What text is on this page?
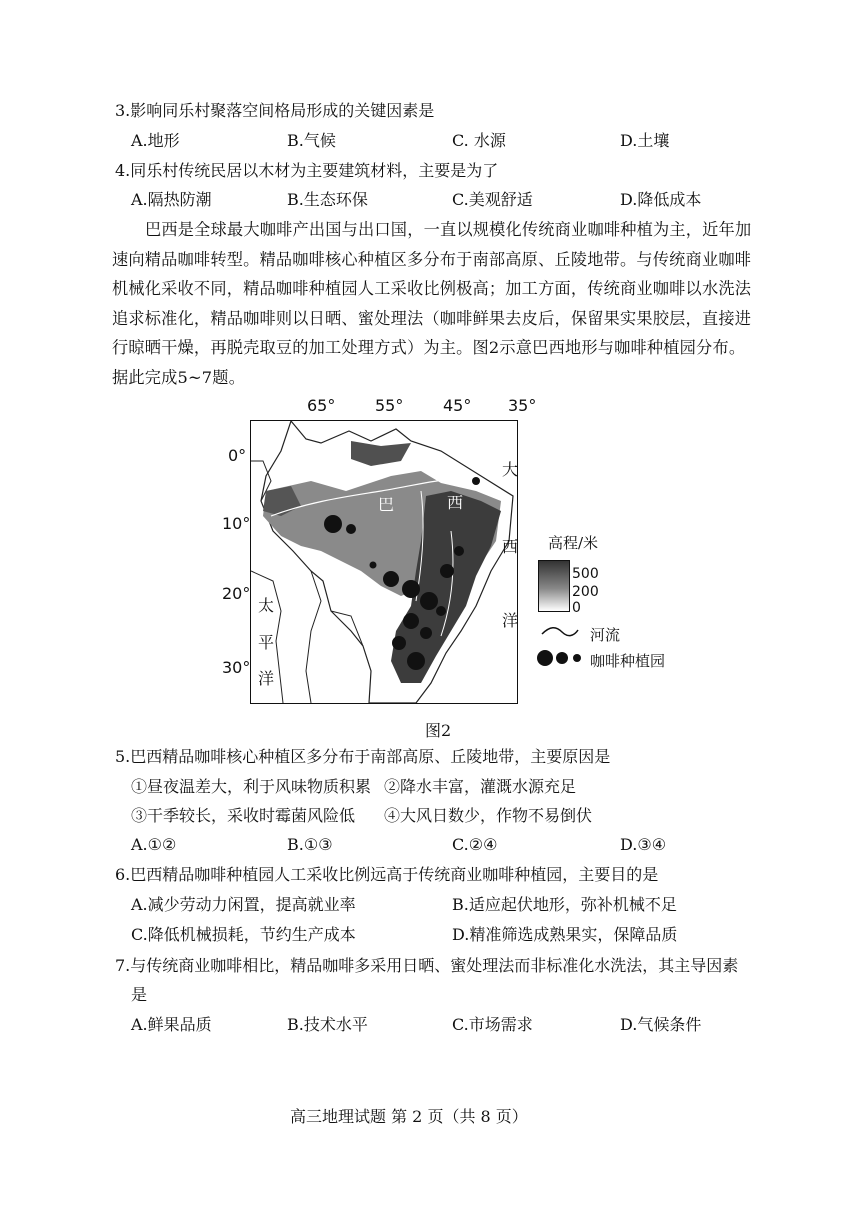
3.影响同乐村聚落空间格局形成的关键因素是
A.地形	B.气候	C. 水源	D.土壤
4.同乐村传统民居以木材为主要建筑材料，主要是为了
A.隔热防潮	B.生态环保	C.美观舒适	D.降低成本
巴西是全球最大咖啡产出国与出口国，一直以规模化传统商业咖啡种植为主，近年加
速向精品咖啡转型。精品咖啡核心种植区多分布于南部高原、丘陵地带。与传统商业咖啡
机械化采收不同，精品咖啡种植园人工采收比例极高；加工方面，传统商业咖啡以水洗法
追求标准化，精品咖啡则以日晒、蜜处理法（咖啡鲜果去皮后，保留果实果胶层，直接进
行晾晒干燥，再脱壳取豆的加工处理方式）为主。图2示意巴西地形与咖啡种植园分布。
据此完成5~7题。
65° 55° 45° 35°
0°
10°
20°
30°
巴	西
大
西
洋
太
平
洋
高程/米
500
200
0
河流
咖啡种植园
图2
5.巴西精品咖啡核心种植区多分布于南部高原、丘陵地带，主要原因是
①昼夜温差大，利于风味物质积累 ②降水丰富，灌溉水源充足
③干季较长，采收时霉菌风险低 ④大风日数少，作物不易倒伏
A.①②	B.①③	C.②④	D.③④
6.巴西精品咖啡种植园人工采收比例远高于传统商业咖啡种植园，主要目的是
A.减少劳动力闲置，提高就业率	B.适应起伏地形，弥补机械不足
C.降低机械损耗，节约生产成本	D.精准筛选成熟果实，保障品质
7.与传统商业咖啡相比，精品咖啡多采用日晒、蜜处理法而非标准化水洗法，其主导因素
是
A.鲜果品质	B.技术水平	C.市场需求	D.气候条件
高三地理试题 第 2 页（共 8 页）
